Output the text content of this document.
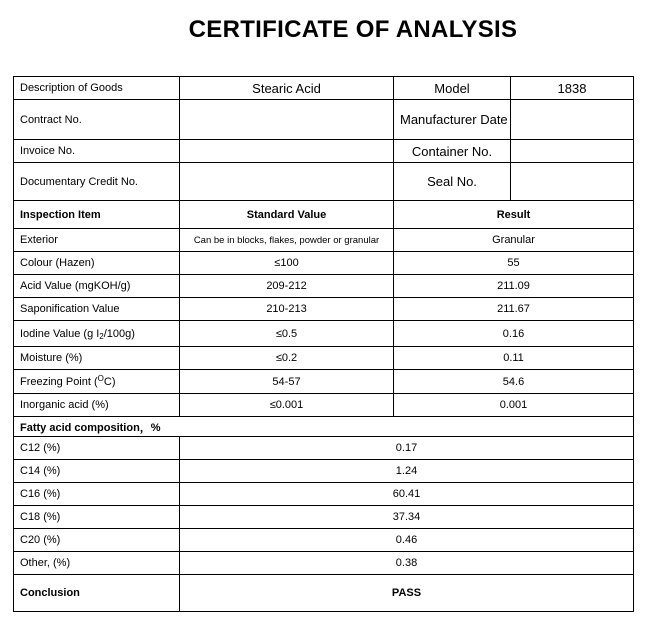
CERTIFICATE OF ANALYSIS
Description of Goods	Stearic Acid	Model	1838
Contract No.		Manufacturer Date	
Invoice No.		Container No.	
Documentary Credit No.		Seal No.	
Inspection Item	Standard Value	Result	
Exterior	Can be in blocks, flakes, powder or granular	Granular	
Colour (Hazen)	≤100	55	
Acid Value (mgKOH/g)	209-212	211.09	
Saponification Value	210-213	211.67	
Iodine Value (g I2/100g)	≤0.5	0.16	
Moisture (%)	≤0.2	0.11	
Freezing Point ($^O$C)	54-57	54.6	
Inorganic acid (%)	≤0.001	0.001	
Fatty acid composition，%			
C12 (%)	0.17		
C14 (%)	1.24		
C16 (%)	60.41		
C18 (%)	37.34		
C20 (%)	0.46		
Other, (%)	0.38		
Conclusion	PASS		
